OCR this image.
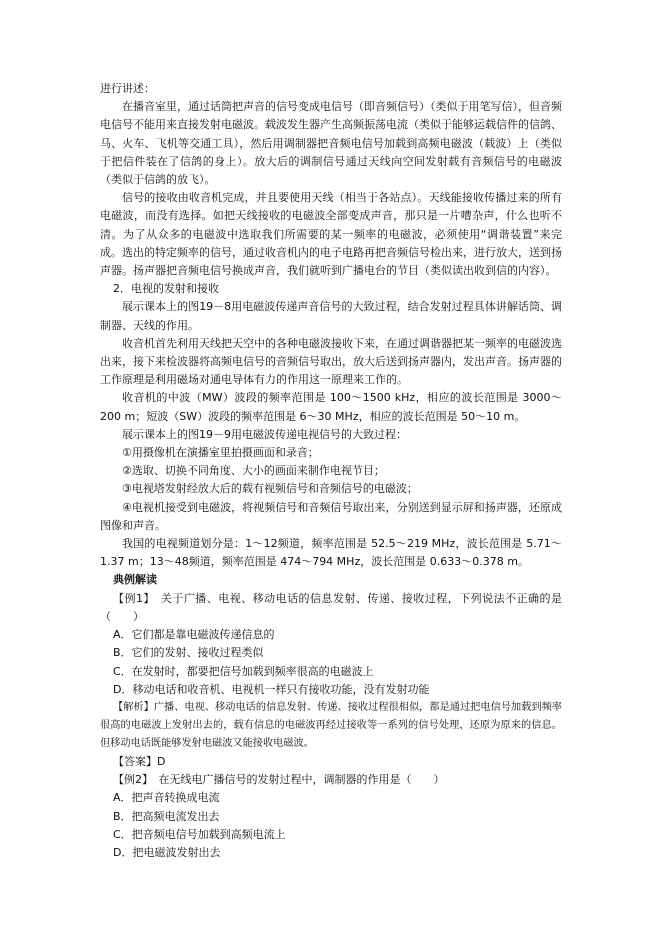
进行讲述：

在播音室里，通过话筒把声音的信号变成电信号（即音频信号）（类似于用笔写信），但音频电信号不能用来直接发射电磁波。载波发生器产生高频振荡电流（类似于能够运载信件的信鸽、马、火车、飞机等交通工具），然后用调制器把音频电信号加载到高频电磁波（载波）上（类似于把信件装在了信鸽的身上）。放大后的调制信号通过天线向空间发射载有音频信号的电磁波（类似于信鸽的放飞）。

信号的接收由收音机完成，并且要使用天线（相当于各站点）。天线能接收传播过来的所有电磁波，而没有选择。如把天线接收的电磁波全部变成声音，那只是一片嘈杂声，什么也听不清。为了从众多的电磁波中选取我们所需要的某一频率的电磁波，必须使用“调谐装置”来完成。选出的特定频率的信号，通过收音机内的电子电路再把音频信号检出来，进行放大，送到扬声器。扬声器把音频电信号换成声音，我们就听到广播电台的节目（类似读出收到信的内容）。

2．电视的发射和接收

展示课本上的图19－8用电磁波传递声音信号的大致过程，结合发射过程具体讲解话筒、调制器、天线的作用。

收音机首先利用天线把天空中的各种电磁波接收下来，在通过调谐器把某一频率的电磁波选出来，接下来检波器将高频电信号的音频信号取出，放大后送到扬声器内，发出声音。扬声器的工作原理是利用磁场对通电导体有力的作用这一原理来工作的。

收音机的中波（MW）波段的频率范围是 100～1500 kHz，相应的波长范围是 3000～200 m；短波（SW）波段的频率范围是 6～30 MHz，相应的波长范围是 50～10 m。

展示课本上的图19－9用电磁波传递电视信号的大致过程：

①用摄像机在演播室里拍摄画面和录音；

②选取、切换不同角度、大小的画面来制作电视节目；

③电视塔发射经放大后的载有视频信号和音频信号的电磁波；

④电视机接受到电磁波，将视频信号和音频信号取出来，分别送到显示屏和扬声器，还原成图像和声音。

我国的电视频道划分是：1～12频道，频率范围是 52.5～219 MHz，波长范围是 5.71～1.37 m；13～48频道，频率范围是 474～794 MHz，波长范围是 0.633～0.378 m。

典例解读

【例1】　关于广播、电视、移动电话的信息发射、传递、接收过程，下列说法不正确的是（　　）

A．它们都是靠电磁波传递信息的

B．它们的发射、接收过程类似

C．在发射时，都要把信号加载到频率很高的电磁波上

D．移动电话和收音机、电视机一样只有接收功能，没有发射功能

【解析】广播、电视、移动电话的信息发射、传递、接收过程很相似，都是通过把电信号加载到频率很高的电磁波上发射出去的，载有信息的电磁波再经过接收等一系列的信号处理，还原为原来的信息。但移动电话既能够发射电磁波又能接收电磁波。

【答案】D

【例2】　在无线电广播信号的发射过程中，调制器的作用是（　　）

A．把声音转换成电流

B．把高频电流发出去

C．把音频电信号加载到高频电流上

D．把电磁波发射出去
